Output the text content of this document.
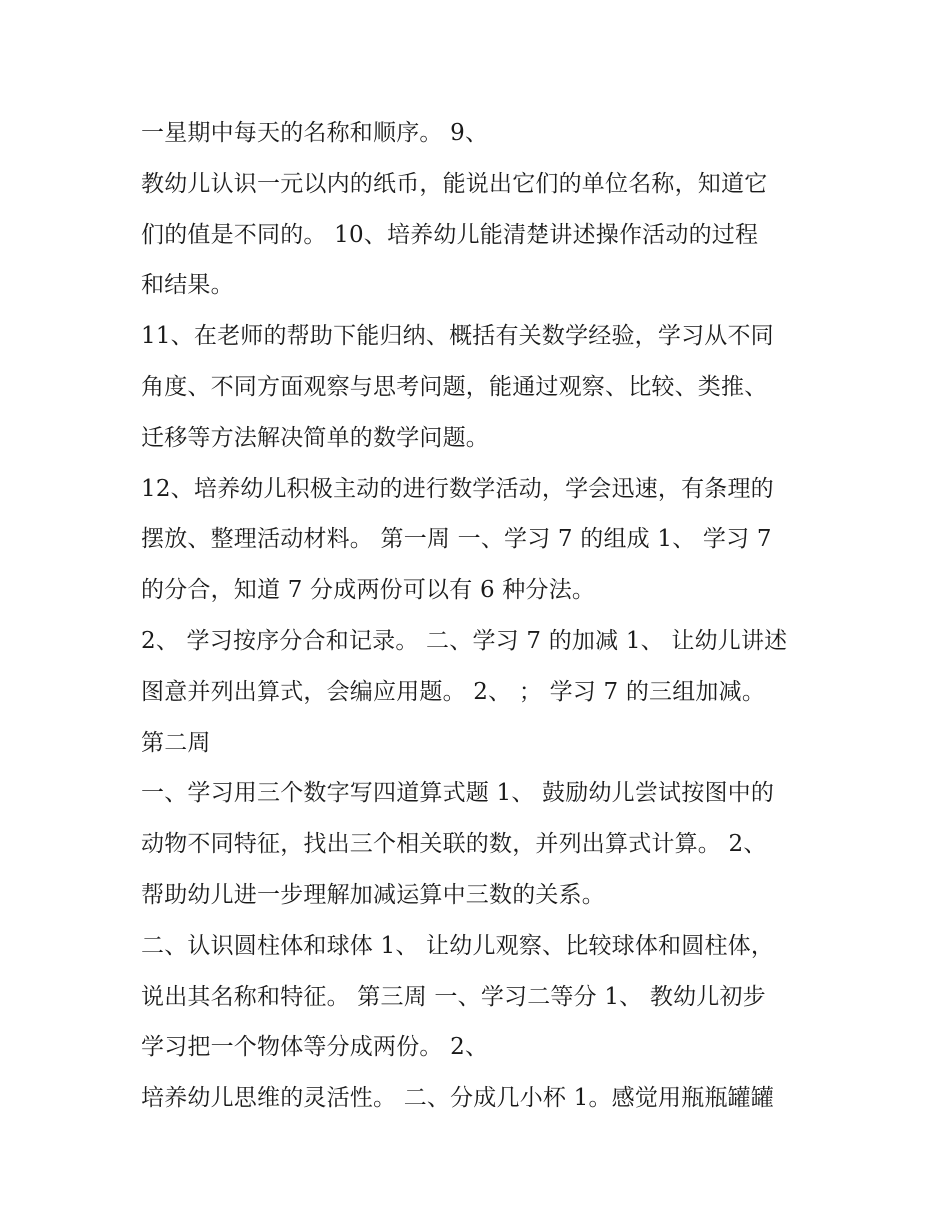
一星期中每天的名称和顺序。 9、
教幼儿认识一元以内的纸币，能说出它们的单位名称，知道它
们的值是不同的。 10、培养幼儿能清楚讲述操作活动的过程
和结果。
11、在老师的帮助下能归纳、概括有关数学经验，学习从不同
角度、不同方面观察与思考问题，能通过观察、比较、类推、
迁移等方法解决简单的数学问题。
12、培养幼儿积极主动的进行数学活动，学会迅速，有条理的
摆放、整理活动材料。 第一周 一、学习 7 的组成 1、 学习 7
的分合，知道 7 分成两份可以有 6 种分法。
2、 学习按序分合和记录。 二、学习 7 的加减 1、 让幼儿讲述
图意并列出算式，会编应用题。 2、 ； 学习 7 的三组加减。
第二周
一、学习用三个数字写四道算式题 1、 鼓励幼儿尝试按图中的
动物不同特征，找出三个相关联的数，并列出算式计算。 2、
帮助幼儿进一步理解加减运算中三数的关系。
二、认识圆柱体和球体 1、 让幼儿观察、比较球体和圆柱体，
说出其名称和特征。 第三周 一、学习二等分 1、 教幼儿初步
学习把一个物体等分成两份。 2、
培养幼儿思维的灵活性。 二、分成几小杯 1。感觉用瓶瓶罐罐
